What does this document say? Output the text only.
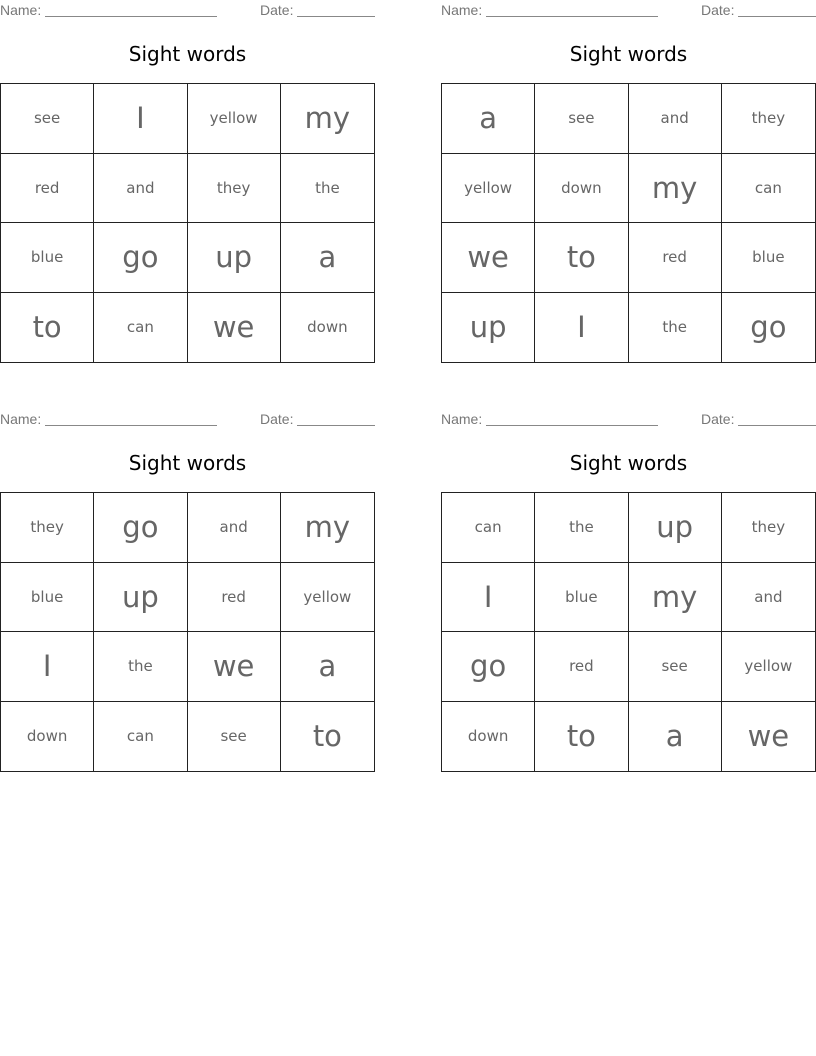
Name:	Date:
Sight words
see	I	yellow	my
red	and	they	the
blue	go	up	a
to	can	we	down
Name:	Date:
Sight words
a	see	and	they
yellow	down	my	can
we	to	red	blue
up	I	the	go
Name:	Date:
Sight words
they	go	and	my
blue	up	red	yellow
I	the	we	a
down	can	see	to
Name:	Date:
Sight words
can	the	up	they
I	blue	my	and
go	red	see	yellow
down	to	a	we
